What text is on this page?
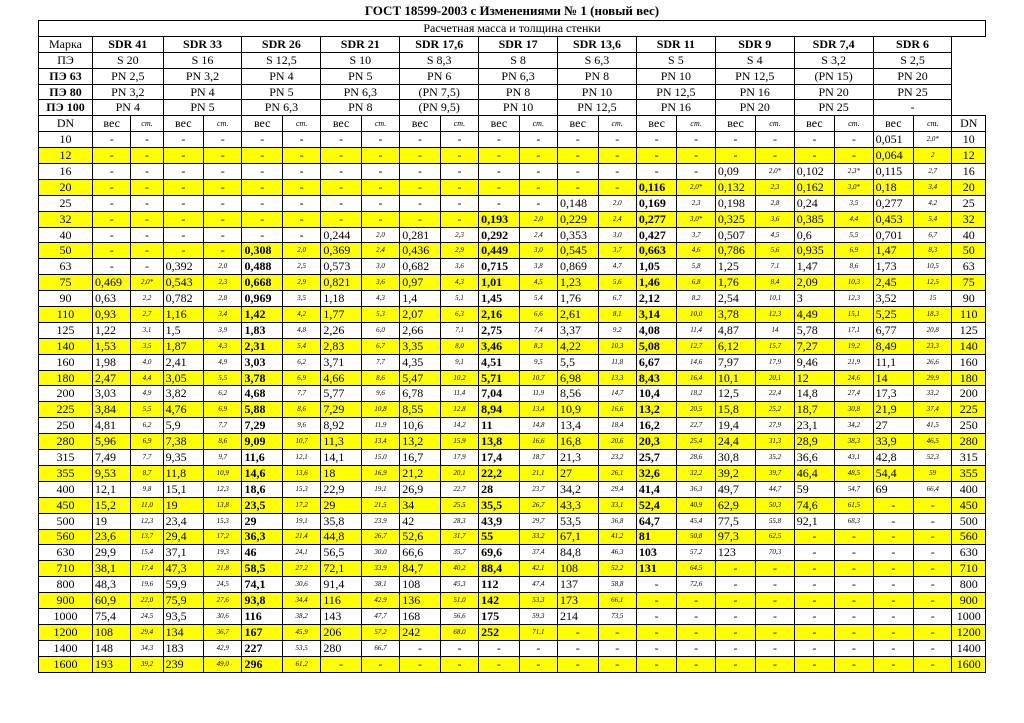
ГОСТ 18599-2003 с Изменениями № 1 (новый вес)
Расчетная масса и толщина стенки																							
Марка	SDR 41		SDR 33		SDR 26		SDR 21		SDR 17,6		SDR 17		SDR 13,6		SDR 11		SDR 9		SDR 7,4		SDR 6		
ПЭ	S 20		S 16		S 12,5		S 10		S 8,3		S 8		S 6,3		S 5		S 4		S 3,2		S 2,5		
ПЭ 63	PN 2,5		PN 3,2		PN 4		PN 5		PN 6		PN 6,3		PN 8		PN 10		PN 12,5		(PN 15)		PN 20		
ПЭ 80	PN 3,2		PN 4		PN 5		PN 6,3		(PN 7,5)		PN 8		PN 10		PN 12,5		PN 16		PN 20		PN 25		
ПЭ 100	PN 4		PN 5		PN 6,3		PN 8		(PN 9,5)		PN 10		PN 12,5		PN 16		PN 20		PN 25		-		
DN	вес	ст.	вес	ст.	вес	ст.	вес	ст.	вес	ст.	вес	ст.	вес	ст.	вес	ст.	вес	ст.	вес	ст.	вес	ст.	DN
10	-	-	-	-	-	-	-	-	-	-	-	-	-	-	-	-	-	-	-	-	0,051	2,0*	10
12	-	-	-	-	-	-	-	-	-	-	-	-	-	-	-	-	-	-	-	-	0,064	2	12
16	-	-	-	-	-	-	-	-	-	-	-	-	-	-	-	-	0,09	2,0*	0,102	2,3*	0,115	2,7	16
20	-	-	-	-	-	-	-	-	-	-	-	-	-	-	0,116	2,0*	0,132	2,3	0,162	3,0*	0,18	3,4	20
25	-	-	-	-	-	-	-	-	-	-	-	-	0,148	2,0	0,169	2,3	0,198	2,8	0,24	3,5	0,277	4,2	25
32	-	-	-	-	-	-	-	-	-	-	0,193	2,0	0,229	2,4	0,277	3,0*	0,325	3,6	0,385	4,4	0,453	5,4	32
40	-	-	-	-	-	-	0,244	2,0	0,281	2,3	0,292	2,4	0,353	3,0	0,427	3,7	0,507	4,5	0,6	5,5	0,701	6,7	40
50	-	-	-	-	0,308	2,0	0,369	2,4	0,436	2,9	0,449	3,0	0,545	3,7	0,663	4,6	0,786	5,6	0,935	6,9	1,47	8,3	50
63	-	-	0,392	2,0	0,488	2,5	0,573	3,0	0,682	3,6	0,715	3,8	0,869	4,7	1,05	5,8	1,25	7,1	1,47	8,6	1,73	10,5	63
75	0,469	2,0*	0,543	2,3	0,668	2,9	0,821	3,6	0,97	4,3	1,01	4,5	1,23	5,6	1,46	6,8	1,76	8,4	2,09	10,3	2,45	12,5	75
90	0,63	2,2	0,782	2,8	0,969	3,5	1,18	4,3	1,4	5,1	1,45	5,4	1,76	6,7	2,12	8,2	2,54	10,1	3	12,3	3,52	15	90
110	0,93	2,7	1,16	3,4	1,42	4,2	1,77	5,3	2,07	6,3	2,16	6,6	2,61	8,1	3,14	10,0	3,78	12,3	4,49	15,1	5,25	18,3	110
125	1,22	3,1	1,5	3,9	1,83	4,8	2,26	6,0	2,66	7,1	2,75	7,4	3,37	9,2	4,08	11,4	4,87	14	5,78	17,1	6,77	20,8	125
140	1,53	3,5	1,87	4,3	2,31	5,4	2,83	6,7	3,35	8,0	3,46	8,3	4,22	10,3	5,08	12,7	6,12	15,7	7,27	19,2	8,49	23,3	140
160	1,98	4,0	2,41	4,9	3,03	6,2	3,71	7,7	4,35	9,1	4,51	9,5	5,5	11,8	6,67	14,6	7,97	17,9	9,46	21,9	11,1	26,6	160
180	2,47	4,4	3,05	5,5	3,78	6,9	4,66	8,6	5,47	10,2	5,71	10,7	6,98	13,3	8,43	16,4	10,1	20,1	12	24,6	14	29,9	180
200	3,03	4,9	3,82	6,2	4,68	7,7	5,77	9,6	6,78	11,4	7,04	11,9	8,56	14,7	10,4	18,2	12,5	22,4	14,8	27,4	17,3	33,2	200
225	3,84	5,5	4,76	6,9	5,88	8,6	7,29	10,8	8,55	12,8	8,94	13,4	10,9	16,6	13,2	20,5	15,8	25,2	18,7	30,8	21,9	37,4	225
250	4,81	6,2	5,9	7,7	7,29	9,6	8,92	11,9	10,6	14,2	11	14,8	13,4	18,4	16,2	22,7	19,4	27,9	23,1	34,2	27	41,5	250
280	5,96	6,9	7,38	8,6	9,09	10,7	11,3	13,4	13,2	15,9	13,8	16,6	16,8	20,6	20,3	25,4	24,4	31,3	28,9	38,3	33,9	46,5	280
315	7,49	7,7	9,35	9,7	11,6	12,1	14,1	15,0	16,7	17,9	17,4	18,7	21,3	23,2	25,7	28,6	30,8	35,2	36,6	43,1	42,8	52,3	315
355	9,53	8,7	11,8	10,9	14,6	13,6	18	16,9	21,2	20,1	22,2	21,1	27	26,1	32,6	32,2	39,2	39,7	46,4	48,5	54,4	59	355
400	12,1	9,8	15,1	12,3	18,6	15,3	22,9	19,1	26,9	22,7	28	23,7	34,2	29,4	41,4	36,3	49,7	44,7	59	54,7	69	66,4	400
450	15,2	11,0	19	13,8	23,5	17,2	29	21,5	34	25,5	35,5	26,7	43,3	33,1	52,4	40,9	62,9	50,3	74,6	61,5	-	-	450
500	19	12,3	23,4	15,3	29	19,1	35,8	23,9	42	28,3	43,9	29,7	53,5	36,8	64,7	45,4	77,5	55,8	92,1	68,3	-	-	500
560	23,6	13,7	29,4	17,2	36,3	21,4	44,8	26,7	52,6	31,7	55	33,2	67,1	41,2	81	50,8	97,3	62,5	-	-	-	-	560
630	29,9	15,4	37,1	19,3	46	24,1	56,5	30,0	66,6	35,7	69,6	37,4	84,8	46,3	103	57,2	123	70,3	-	-	-	-	630
710	38,1	17,4	47,3	21,8	58,5	27,2	72,1	33,9	84,7	40,2	88,4	42,1	108	52,2	131	64,5	-	-	-	-	-	-	710
800	48,3	19,6	59,9	24,5	74,1	30,6	91,4	38,1	108	45,3	112	47,4	137	58,8	-	72,6	-	-	-	-	-	-	800
900	60,9	22,0	75,9	27,6	93,8	34,4	116	42,9	136	51,0	142	53,3	173	66,1	-	-	-	-	-	-	-	-	900
1000	75,4	24,5	93,5	30,6	116	38,2	143	47,7	168	56,6	175	59,3	214	73,5	-	-	-	-	-	-	-	-	1000
1200	108	29,4	134	36,7	167	45,9	206	57,2	242	68,0	252	71,1	-	-	-	-	-	-	-	-	-	-	1200
1400	148	34,3	183	42,9	227	53,5	280	66,7	-	-	-	-	-	-	-	-	-	-	-	-	-	-	1400
1600	193	39,2	239	49,0	296	61,2	-	-	-	-	-	-	-	-	-	-	-	-	-	-	-	-	1600
